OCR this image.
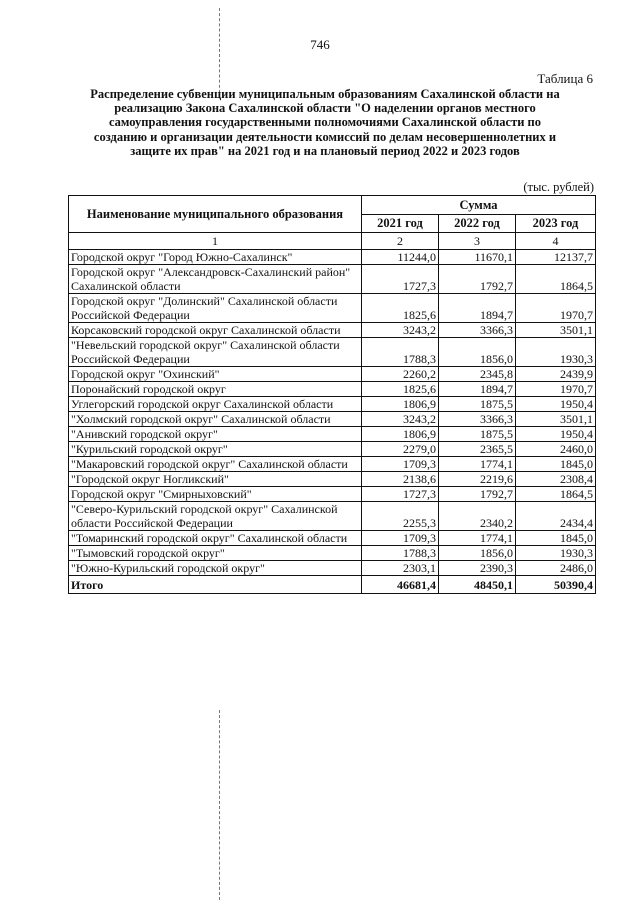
746
Таблица 6
Распределение субвенции муниципальным образованиям Сахалинской области на реализацию Закона Сахалинской области "О наделении органов местного самоуправления государственными полномочиями Сахалинской области по созданию и организации деятельности комиссий по делам несовершеннолетних и защите их прав" на 2021 год и на плановый период 2022 и 2023 годов
(тыс. рублей)
Наименование муниципального образования	Сумма		
	2021 год	2022 год	2023 год
1	2	3	4
Городской округ "Город Южно-Сахалинск"	11244,0	11670,1	12137,7
Городской округ "Александровск-Сахалинский район" Сахалинской области	1727,3	1792,7	1864,5
Городской округ "Долинский" Сахалинской области Российской Федерации	1825,6	1894,7	1970,7
Корсаковский городской округ Сахалинской области	3243,2	3366,3	3501,1
"Невельский городской округ" Сахалинской области Российской Федерации	1788,3	1856,0	1930,3
Городской округ "Охинский"	2260,2	2345,8	2439,9
Поронайский городской округ	1825,6	1894,7	1970,7
Углегорский городской округ Сахалинской области	1806,9	1875,5	1950,4
"Холмский городской округ" Сахалинской области	3243,2	3366,3	3501,1
"Анивский городской округ"	1806,9	1875,5	1950,4
"Курильский городской округ"	2279,0	2365,5	2460,0
"Макаровский городской округ" Сахалинской области	1709,3	1774,1	1845,0
"Городской округ Ногликский"	2138,6	2219,6	2308,4
Городской округ "Смирныховский"	1727,3	1792,7	1864,5
"Северо-Курильский городской округ" Сахалинской области Российской Федерации	2255,3	2340,2	2434,4
"Томаринский городской округ" Сахалинской области	1709,3	1774,1	1845,0
"Тымовский городской округ"	1788,3	1856,0	1930,3
"Южно-Курильский городской округ"	2303,1	2390,3	2486,0
Итого	46681,4	48450,1	50390,4
